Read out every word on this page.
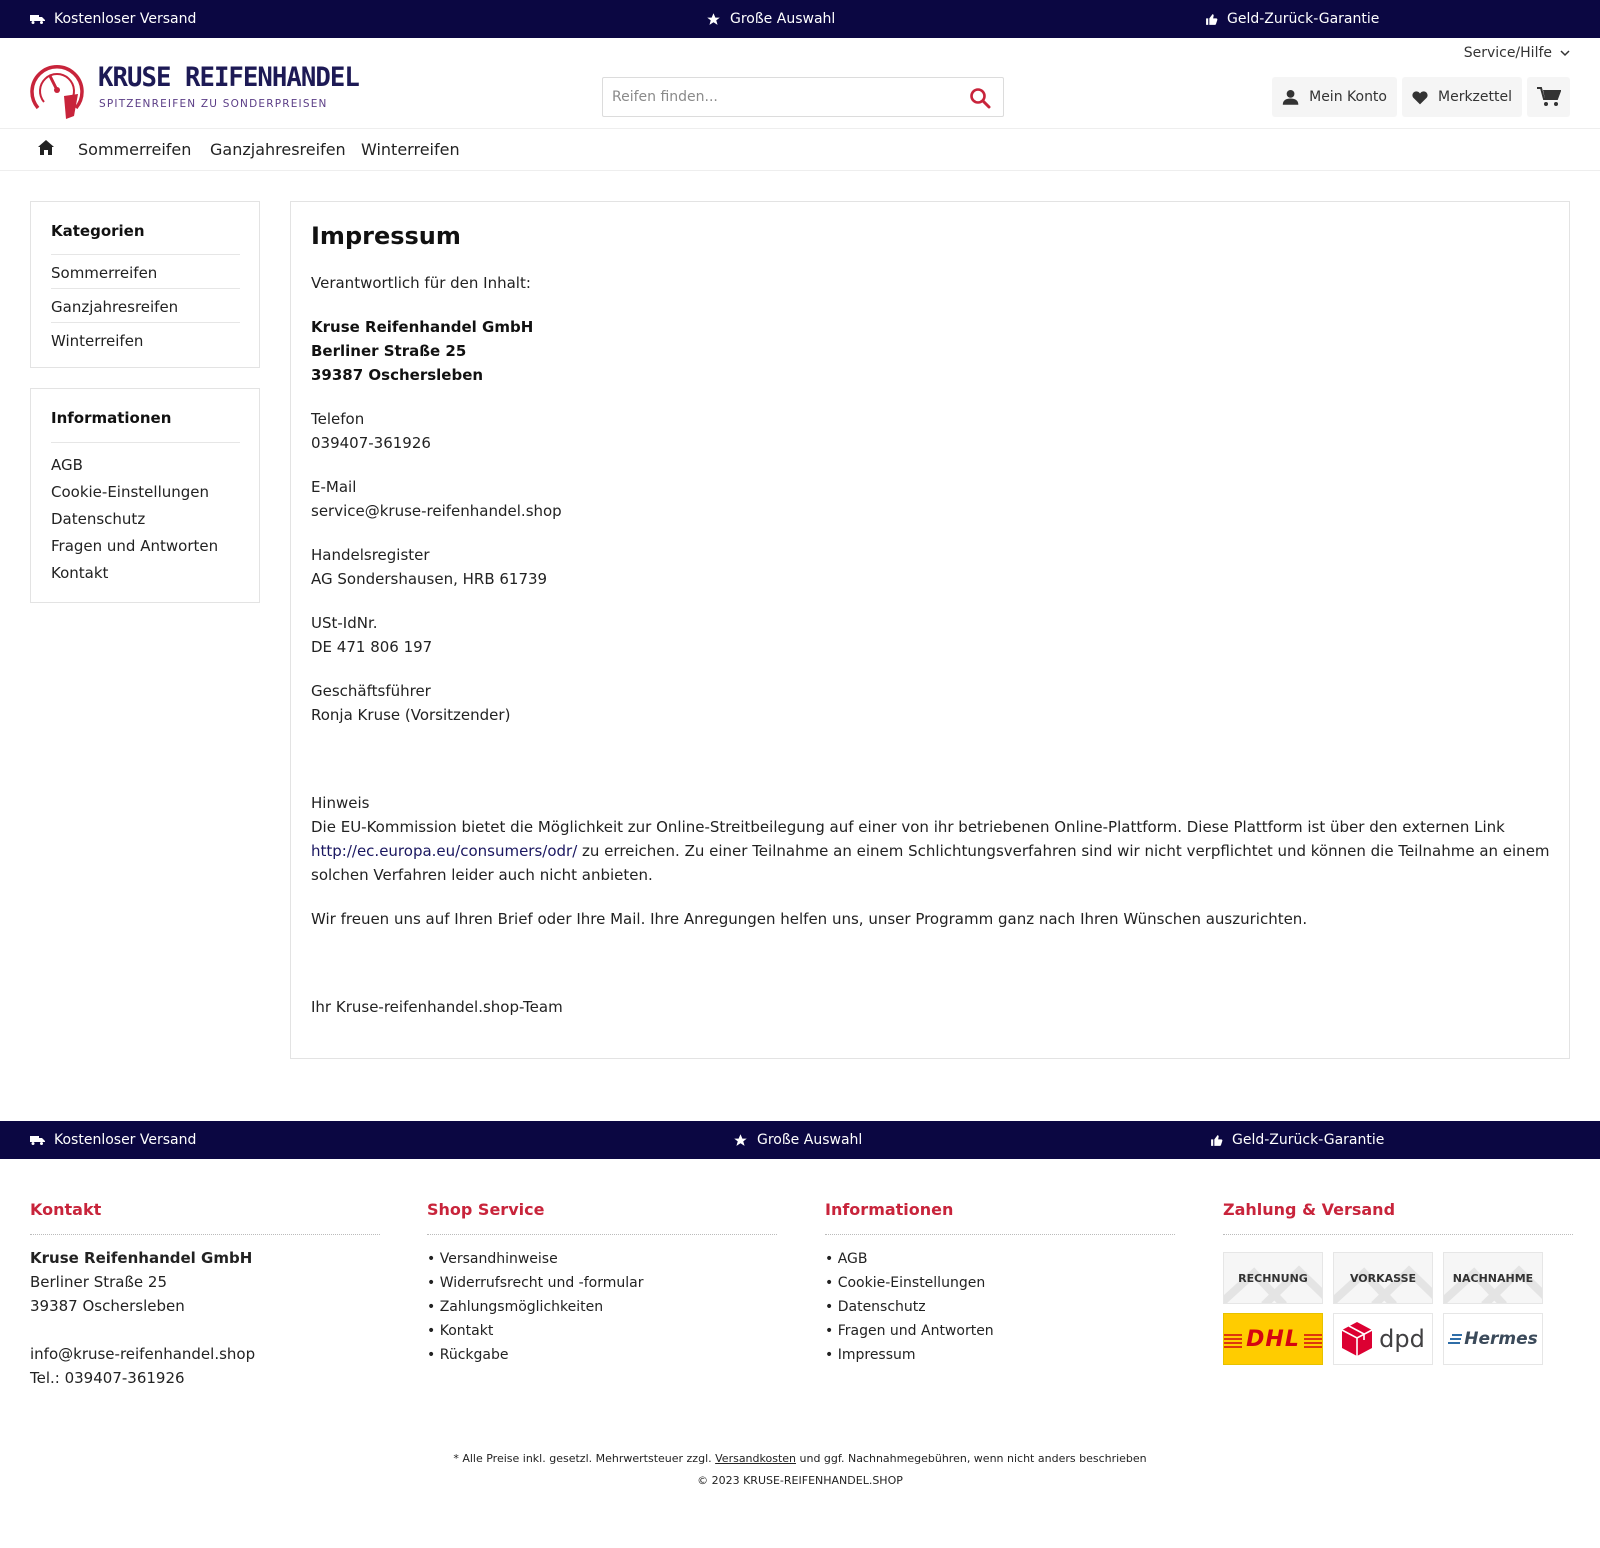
Kostenloser Versand	Große Auswahl	Geld-Zurück-Garantie
Service/Hilfe
KRUSE REIFENHANDEL
SPITZENREIFEN ZU SONDERPREISEN
Reifen finden...	Mein Konto	Merkzettel
Sommerreifen Ganzjahresreifen Winterreifen
Kategorien
Sommerreifen
Ganzjahresreifen
Winterreifen
Informationen
AGB
Cookie-Einstellungen
Datenschutz
Fragen und Antworten
Kontakt
Impressum
Verantwortlich für den Inhalt:
Kruse Reifenhandel GmbH
Berliner Straße 25
39387 Oschersleben
Telefon
039407-361926
E-Mail
service@kruse-reifenhandel.shop
Handelsregister
AG Sondershausen, HRB 61739
USt-IdNr.
DE 471 806 197
Geschäftsführer
Ronja Kruse (Vorsitzender)
Hinweis

Die EU-Kommission bietet die Möglichkeit zur Online-Streitbeilegung auf einer von ihr betriebenen Online-Plattform. Diese Plattform ist über den externen Link
http://ec.europa.eu/consumers/odr/ zu erreichen. Zu einer Teilnahme an einem Schlichtungsverfahren sind wir nicht verpflichtet und können die Teilnahme an einem solchen Verfahren leider auch nicht anbieten.

Wir freuen uns auf Ihren Brief oder Ihre Mail. Ihre Anregungen helfen uns, unser Programm ganz nach Ihren Wünschen auszurichten.

Ihr Kruse-reifenhandel.shop-Team
Kostenloser Versand	Große Auswahl	Geld-Zurück-Garantie
Kontakt
Kruse Reifenhandel GmbH
Berliner Straße 25
39387 Oschersleben
info@kruse-reifenhandel.shop
Tel.: 039407-361926
Shop Service
• Versandhinweise
• Widerrufsrecht und -formular
• Zahlungsmöglichkeiten
• Kontakt
• Rückgabe
Informationen
• AGB
• Cookie-Einstellungen
• Datenschutz
• Fragen und Antworten
• Impressum
Zahlung & Versand
RECHNUNG	VORKASSE	NACHNAHME
DHL	dpd Hermes
* Alle Preise inkl. gesetzl. Mehrwertsteuer zzgl. Versandkosten und ggf. Nachnahmegebühren, wenn nicht anders beschrieben
© 2023 KRUSE-REIFENHANDEL.SHOP
